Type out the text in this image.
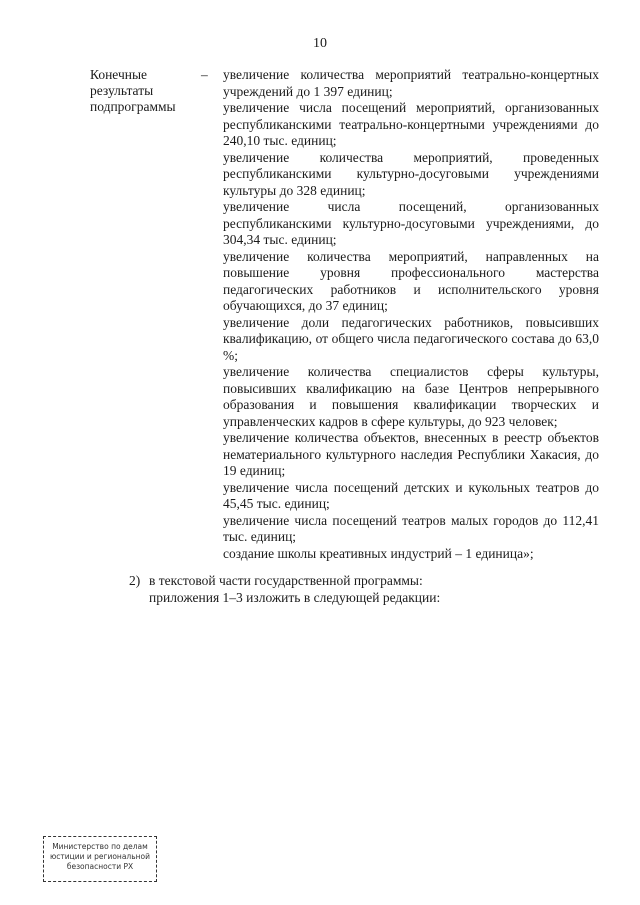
10
Конечные
результаты
подпрограммы
– увеличение количества мероприятий театрально-концертных учреждений до 1 397 единиц;

увеличение числа посещений мероприятий, организованных республиканскими театрально-концертными учреждениями до 240,10 тыс. единиц;

увеличение количества мероприятий, проведенных республиканскими культурно-досуговыми учреждениями культуры до 328 единиц;

увеличение числа посещений, организованных республиканскими культурно-досуговыми учреждениями, до 304,34 тыс. единиц;

увеличение количества мероприятий, направленных на повышение уровня профессионального мастерства педагогических работников и исполнительского уровня обучающихся, до 37 единиц;

увеличение доли педагогических работников, повысивших квалификацию, от общего числа педагогического состава до 63,0 %;

увеличение количества специалистов сферы культуры, повысивших квалификацию на базе Центров непрерывного образования и повышения квалификации творческих и управленческих кадров в сфере культуры, до 923 человек;

увеличение количества объектов, внесенных в реестр объектов нематериального культурного наследия Республики Хакасия, до 19 единиц;

увеличение числа посещений детских и кукольных театров до 45,45 тыс. единиц;

увеличение числа посещений театров малых городов до 112,41 тыс. единиц;

создание школы креативных индустрий – 1 единица»;

2) в текстовой части государственной программы:
приложения 1–3 изложить в следующей редакции:
Министерство по делам
юстиции и региональной
безопасности РХ
